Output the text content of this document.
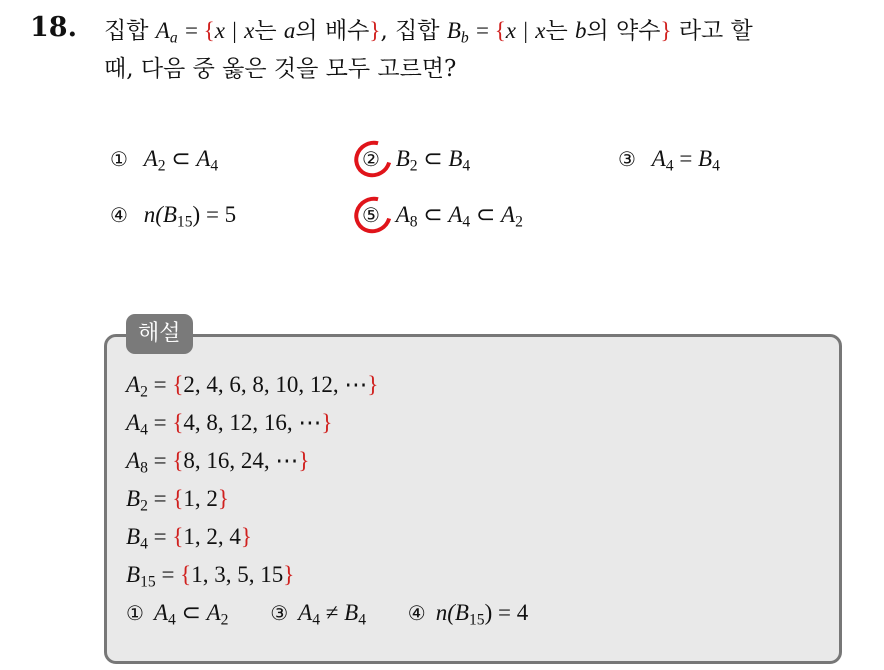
18. 집합 $A_a = \{x$ | x는 a의 배수}, 집합 $B_b = \{x$ | x는 b의 약수} 라고 할
때, 다음 중 옳은 것을 모두 고르면?
① $A_2$ ⊂ $A_4$	② $B_2$ ⊂ $B_4$	③ $A_4 = B_4$
④ $n(B_{15}) = 5$	⑤ $A_8$ ⊂ $A_4$ ⊂ $A_2$
해설
$A_2 = \{2$, 4, 6, 8, 10, 12, ⋯}
$A_4 = \{4$, 8, 12, 16, ⋯}
$A_8 = \{8$, 16, 24, ⋯}
$B_2 = \{1$, 2}
$B_4 = \{1$, 2, 4}
$B_{15} = \{1$, 3, 5, 15}
① $A_4$ ⊂ $A_2$ ③ $A_4 \ne B_4$ ④ $n(B_{15}) = 4$
